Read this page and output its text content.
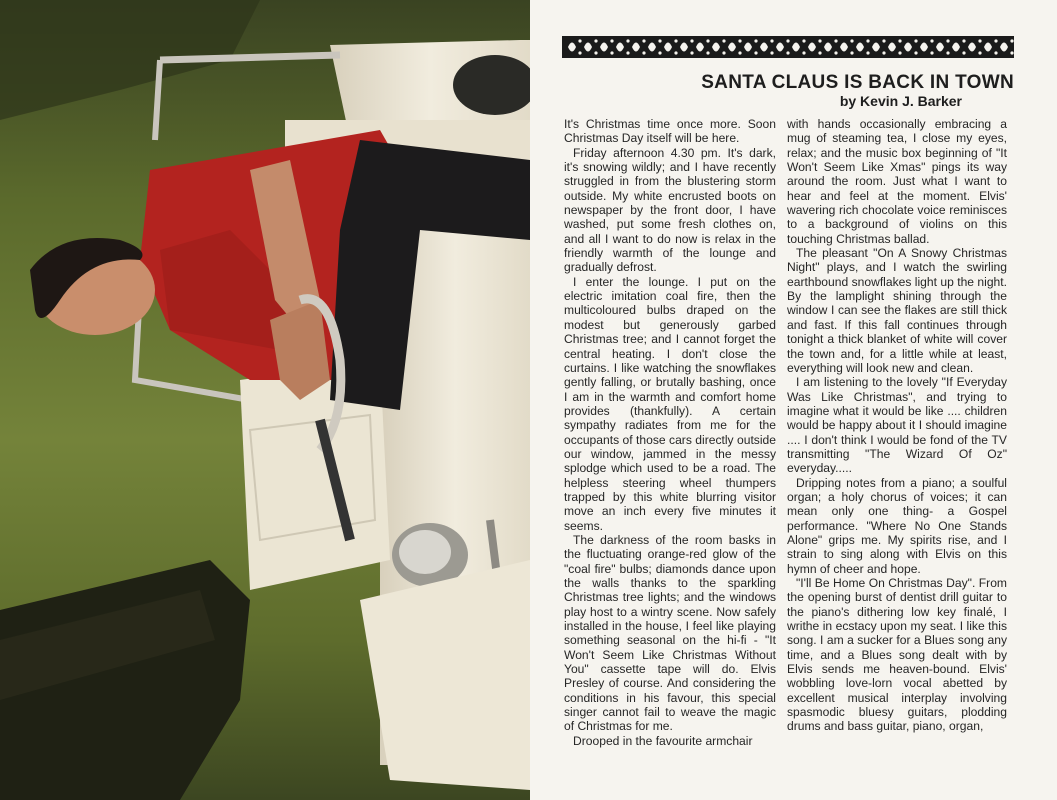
SANTA CLAUS IS BACK IN TOWN
by Kevin J. Barker

It's Christmas time once more. Soon Christmas Day itself will be here.

Friday afternoon 4.30 pm. It's dark, it's snowing wildly; and I have recently struggled in from the blustering storm outside. My white encrusted boots on newspaper by the front door, I have washed, put some fresh clothes on, and all I want to do now is relax in the friendly warmth of the lounge and gradually defrost.

I enter the lounge. I put on the electric imitation coal fire, then the multicoloured bulbs draped on the modest but generously garbed Christmas tree; and I cannot forget the central heating. I don't close the curtains. I like watching the snowflakes gently falling, or brutally bashing, once I am in the warmth and comfort home provides (thankfully). A certain sympathy radiates from me for the occupants of those cars directly outside our window, jammed in the messy splodge which used to be a road. The helpless steering wheel thumpers trapped by this white blurring visitor move an inch every five minutes it seems.

The darkness of the room basks in the fluctuating orange-red glow of the "coal fire" bulbs; diamonds dance upon the walls thanks to the sparkling Christmas tree lights; and the windows play host to a wintry scene. Now safely installed in the house, I feel like playing something seasonal on the hi-fi - "It Won't Seem Like Christmas Without You" cassette tape will do. Elvis Presley of course. And considering the conditions in his favour, this special singer cannot fail to weave the magic of Christmas for me.

Drooped in the favourite armchair

with hands occasionally embracing a mug of steaming tea, I close my eyes, relax; and the music box beginning of "It Won't Seem Like Xmas" pings its way around the room. Just what I want to hear and feel at the moment. Elvis' wavering rich chocolate voice reminisces to a background of violins on this touching Christmas ballad.

The pleasant "On A Snowy Christmas Night" plays, and I watch the swirling earthbound snowflakes light up the night. By the lamplight shining through the window I can see the flakes are still thick and fast. If this fall continues through tonight a thick blanket of white will cover the town and, for a little while at least, everything will look new and clean.

I am listening to the lovely "If Everyday Was Like Christmas", and trying to imagine what it would be like .... children would be happy about it I should imagine .... I don't think I would be fond of the TV transmitting "The Wizard Of Oz" everyday.....

Dripping notes from a piano; a soulful organ; a holy chorus of voices; it can mean only one thing- a Gospel performance. "Where No One Stands Alone" grips me. My spirits rise, and I strain to sing along with Elvis on this hymn of cheer and hope.

"I'll Be Home On Christmas Day". From the opening burst of dentist drill guitar to the piano's dithering low key finalé, I writhe in ecstacy upon my seat. I like this song. I am a sucker for a Blues song any time, and a Blues song dealt with by Elvis sends me heaven-bound. Elvis' wobbling love-lorn vocal abetted by excellent musical interplay involving spasmodic bluesy guitars, plodding drums and bass guitar, piano, organ,
